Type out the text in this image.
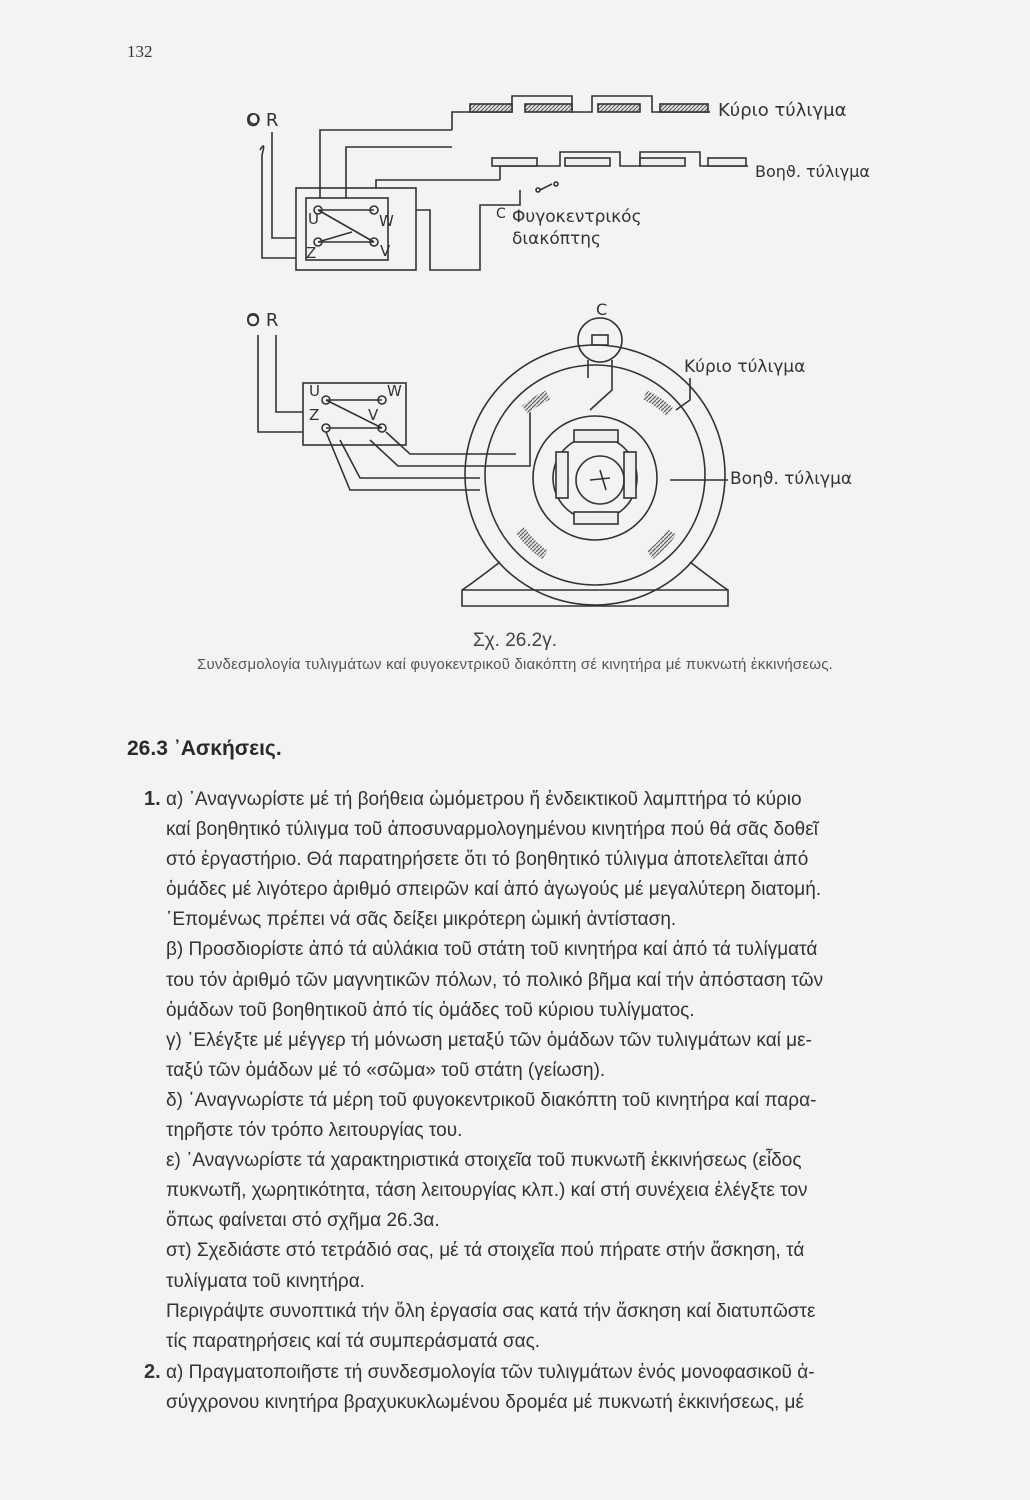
132
O R	Κύριο τύλιγμα
Βοηϑ. τύλιγμα
C Φυγοκεντρικός
διακόπτης
U	W
Z	V
O R
C
Κύριο τύλιγμα
Βοηϑ. τύλιγμα
U	W
Z	V
Σχ. 26.2γ.
Συνδεσμολογία τυλιγμάτων καί φυγοκεντρικοῦ διακόπτη σέ κινητήρα μέ πυκνωτή ἐκκινήσεως.
26.3 ᾿Ασκήσεις.
1. α) ᾿Αναγνωρίστε μέ τή βοήθεια ὠμόμετρου ἤ ἐνδεικτικοῦ λαμπτήρα τό κύριο
καί βοηθητικό τύλιγμα τοῦ ἀποσυναρμολογημένου κινητήρα πού θά σᾶς δοθεῖ
στό ἐργαστήριο. Θά παρατηρήσετε ὅτι τό βοηθητικό τύλιγμα ἀποτελεῖται ἀπό
ὁμάδες μέ λιγότερο ἀριθμό σπειρῶν καί ἀπό ἀγωγούς μέ μεγαλύτερη διατομή.
῾Επομένως πρέπει νά σᾶς δείξει μικρότερη ὠμική ἀντίσταση.
β) Προσδιορίστε ἀπό τά αὐλάκια τοῦ στάτη τοῦ κινητήρα καί ἀπό τά τυλίγματά
του τόν ἀριθμό τῶν μαγνητικῶν πόλων, τό πολικό βῆμα καί τήν ἀπόσταση τῶν
ὁμάδων τοῦ βοηθητικοῦ ἀπό τίς ὁμάδες τοῦ κύριου τυλίγματος.
γ) ᾿Ελέγξτε μέ μέγγερ τή μόνωση μεταξύ τῶν ὁμάδων τῶν τυλιγμάτων καί με-
ταξύ τῶν ὁμάδων μέ τό «σῶμα» τοῦ στάτη (γείωση).
δ) ᾿Αναγνωρίστε τά μέρη τοῦ φυγοκεντρικοῦ διακόπτη τοῦ κινητήρα καί παρα-
τηρῆστε τόν τρόπο λειτουργίας του.
ε) ᾿Αναγνωρίστε τά χαρακτηριστικά στοιχεῖα τοῦ πυκνωτῆ ἐκκινήσεως (εἶδος
πυκνωτῆ, χωρητικότητα, τάση λειτουργίας κλπ.) καί στή συνέχεια ἐλέγξτε τον
ὅπως φαίνεται στό σχῆμα 26.3α.
στ) Σχεδιάστε στό τετράδιό σας, μέ τά στοιχεῖα πού πήρατε στήν ἄσκηση, τά
τυλίγματα τοῦ κινητήρα.
Περιγράψτε συνοπτικά τήν ὅλη ἐργασία σας κατά τήν ἄσκηση καί διατυπῶστε
τίς παρατηρήσεις καί τά συμπεράσματά σας.
2. α) Πραγματοποιῆστε τή συνδεσμολογία τῶν τυλιγμάτων ἑνός μονοφασικοῦ ἀ-
σύγχρονου κινητήρα βραχυκυκλωμένου δρομέα μέ πυκνωτή ἐκκινήσεως, μέ
